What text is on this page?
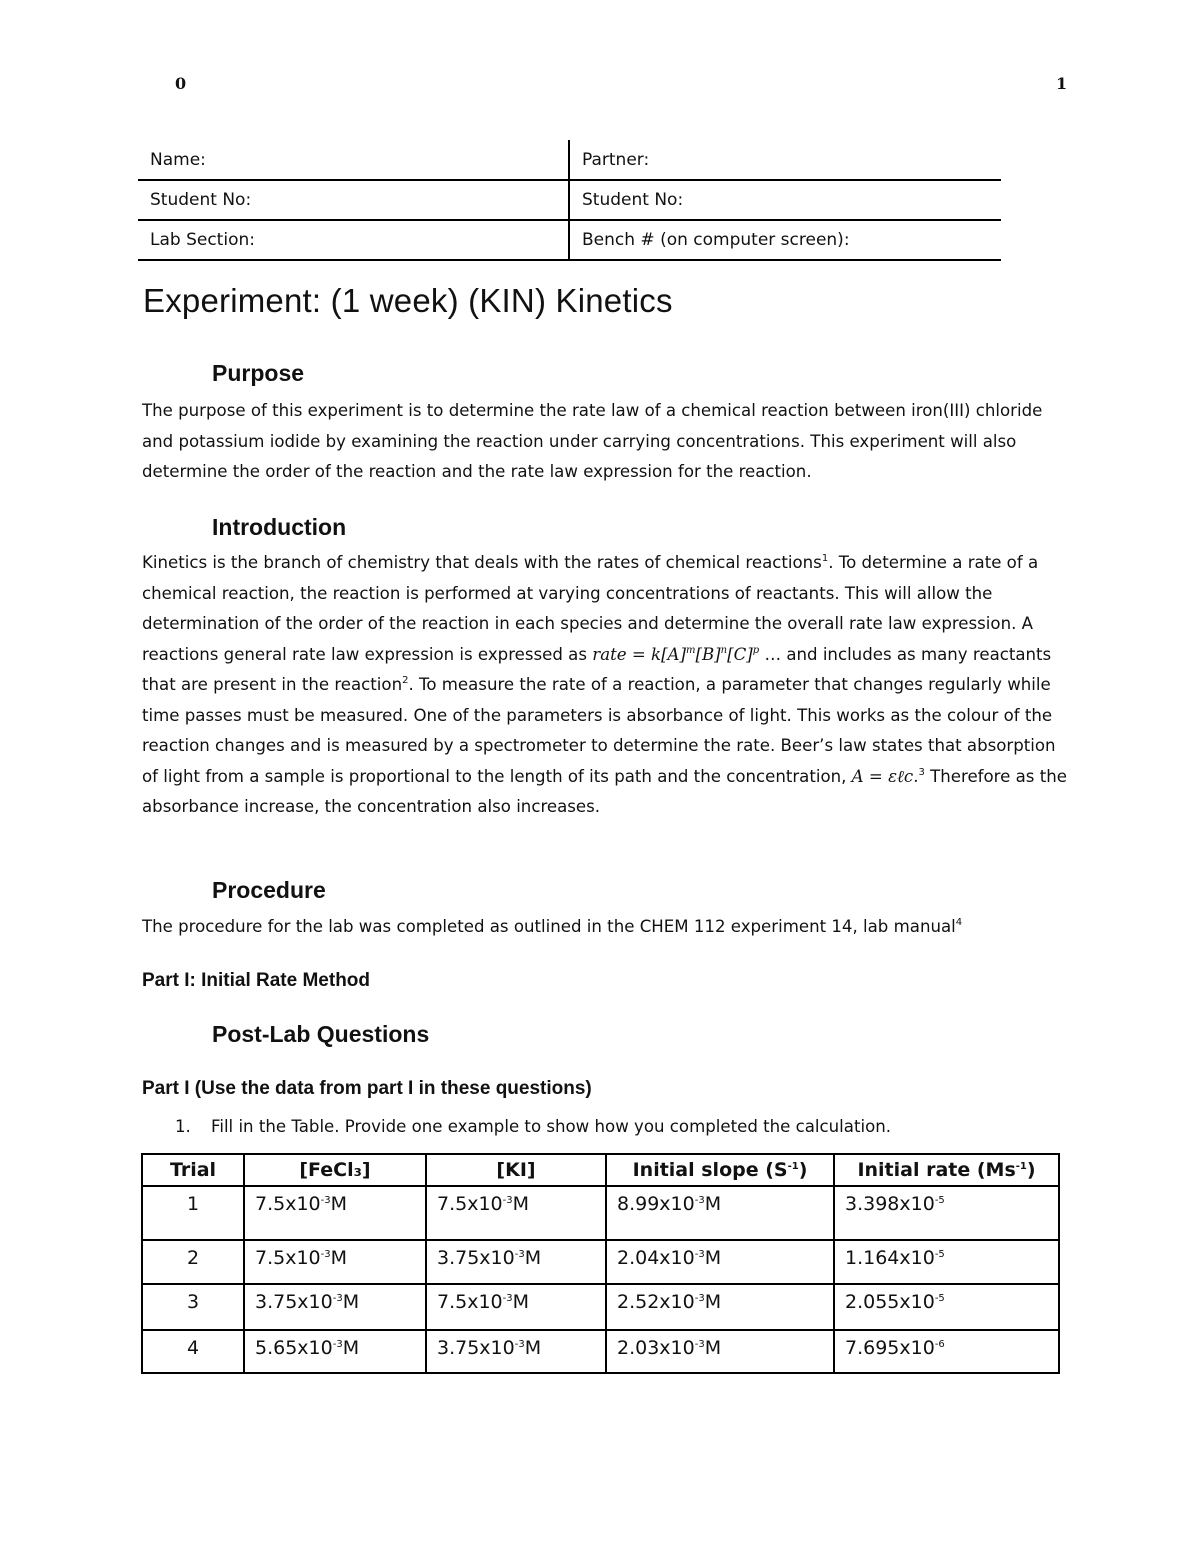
0	1
Name:	Partner:
Student No:	Student No:
Lab Section:	Bench # (on computer screen):
Experiment: (1 week) (KIN) Kinetics
Purpose

The purpose of this experiment is to determine the rate law of a chemical reaction between iron(III) chloride and potassium iodide by examining the reaction under carrying concentrations. This experiment will also determine the order of the reaction and the rate law expression for the reaction.

Introduction

Kinetics is the branch of chemistry that deals with the rates of chemical reactions$^1$. To determine a rate of a chemical reaction, the reaction is performed at varying concentrations of reactants. This will allow the determination of the order of the reaction in each species and determine the overall rate law expression. A reactions general rate law expression is expressed as rate = $k[A]^m[B]^n[C]^p$ … and includes as many reactants that are present in the reaction$^2$. To measure the rate of a reaction, a parameter that changes regularly while time passes must be measured. One of the parameters is absorbance of light. This works as the colour of the reaction changes and is measured by a spectrometer to determine the rate. Beer’s law states that absorption of light from a sample is proportional to the length of its path and the concentration, A = εℓc.$^3$ Therefore as the absorbance increase, the concentration also increases.

Procedure

The procedure for the lab was completed as outlined in the CHEM 112 experiment 14, lab manual$^4$

Part I: Initial Rate Method
Post-Lab Questions
Part I (Use the data from part I in these questions)
1. Fill in the Table. Provide one example to show how you completed the calculation.
Trial	[FeCl₃]	[KI]	Initial slope $(S^{-1})$	Initial rate $(Ms^{-1})$
1	$7.5x10^{-3}M$	$7.5x10^{-3}M$	$8.99x10^{-3}M$	$3.398x10^{-5}$
2	$7.5x10^{-3}M$	$3.75x10^{-3}M$	$2.04x10^{-3}M$	$1.164x10^{-5}$
3	$3.75x10^{-3}M$	$7.5x10^{-3}M$	$2.52x10^{-3}M$	$2.055x10^{-5}$
4	$5.65x10^{-3}M$	$3.75x10^{-3}M$	$2.03x10^{-3}M$	$7.695x10^{-6}$
